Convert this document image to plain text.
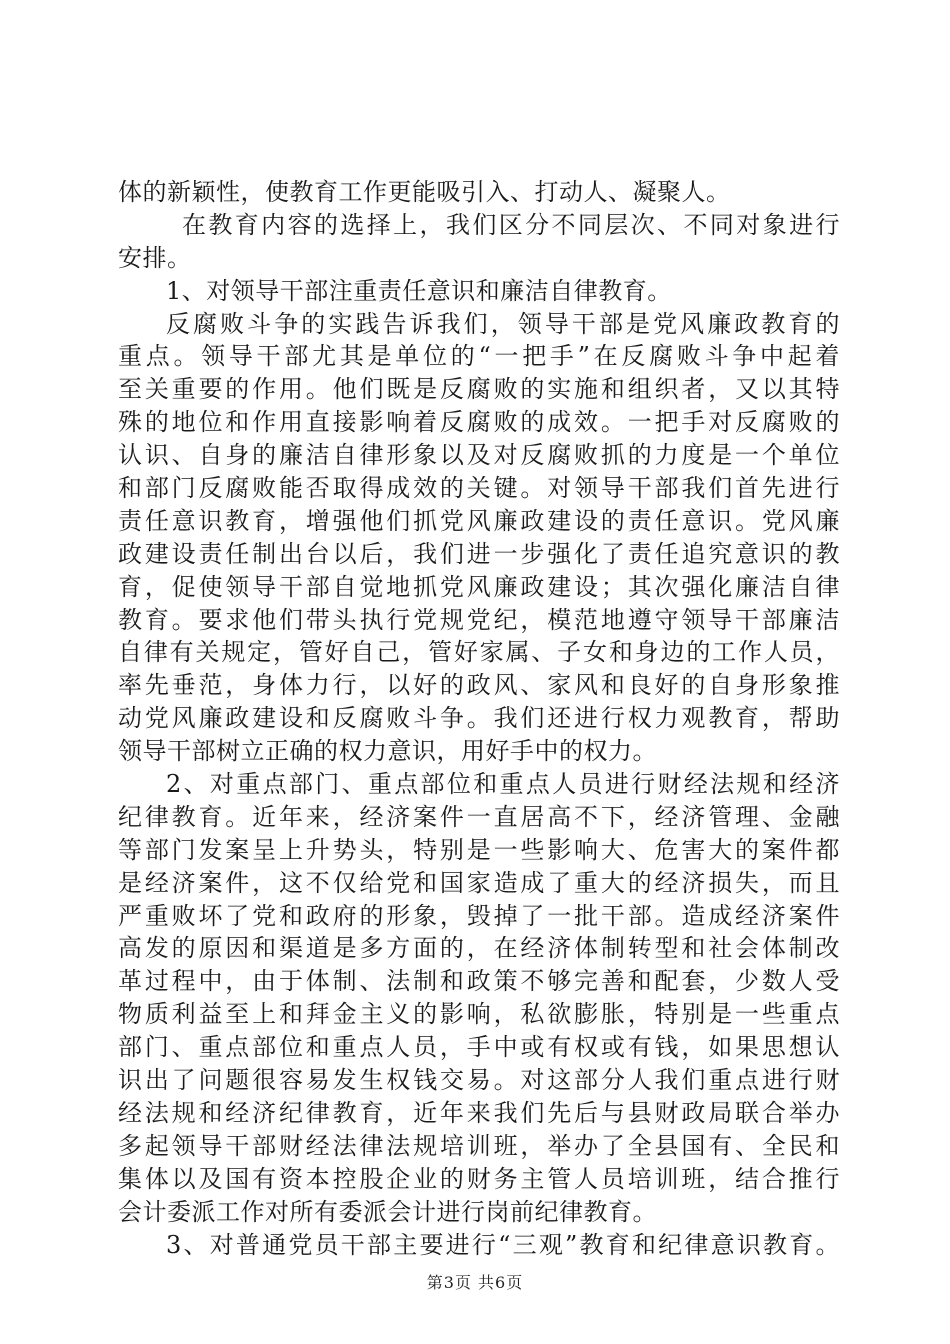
体的新颖性，使教育工作更能吸引入、打动人、凝聚人。
在教育内容的选择上，我们区分不同层次、不同对象进行
安排。
1、对领导干部注重责任意识和廉洁自律教育。
反腐败斗争的实践告诉我们，领导干部是党风廉政教育的
重点。领导干部尤其是单位的“一把手”在反腐败斗争中起着
至关重要的作用。他们既是反腐败的实施和组织者，又以其特
殊的地位和作用直接影响着反腐败的成效。一把手对反腐败的
认识、自身的廉洁自律形象以及对反腐败抓的力度是一个单位
和部门反腐败能否取得成效的关键。对领导干部我们首先进行
责任意识教育，增强他们抓党风廉政建设的责任意识。党风廉
政建设责任制出台以后，我们进一步强化了责任追究意识的教
育，促使领导干部自觉地抓党风廉政建设；其次强化廉洁自律
教育。要求他们带头执行党规党纪，模范地遵守领导干部廉洁
自律有关规定，管好自己，管好家属、子女和身边的工作人员，
率先垂范，身体力行，以好的政风、家风和良好的自身形象推
动党风廉政建设和反腐败斗争。我们还进行权力观教育，帮助
领导干部树立正确的权力意识，用好手中的权力。
2、对重点部门、重点部位和重点人员进行财经法规和经济
纪律教育。近年来，经济案件一直居高不下，经济管理、金融
等部门发案呈上升势头，特别是一些影响大、危害大的案件都
是经济案件，这不仅给党和国家造成了重大的经济损失，而且
严重败坏了党和政府的形象，毁掉了一批干部。造成经济案件
高发的原因和渠道是多方面的，在经济体制转型和社会体制改
革过程中，由于体制、法制和政策不够完善和配套，少数人受
物质利益至上和拜金主义的影响，私欲膨胀，特别是一些重点
部门、重点部位和重点人员，手中或有权或有钱，如果思想认
识出了问题很容易发生权钱交易。对这部分人我们重点进行财
经法规和经济纪律教育，近年来我们先后与县财政局联合举办
多起领导干部财经法律法规培训班，举办了全县国有、全民和
集体以及国有资本控股企业的财务主管人员培训班，结合推行
会计委派工作对所有委派会计进行岗前纪律教育。
3、对普通党员干部主要进行“三观”教育和纪律意识教育。
第3页 共6页
